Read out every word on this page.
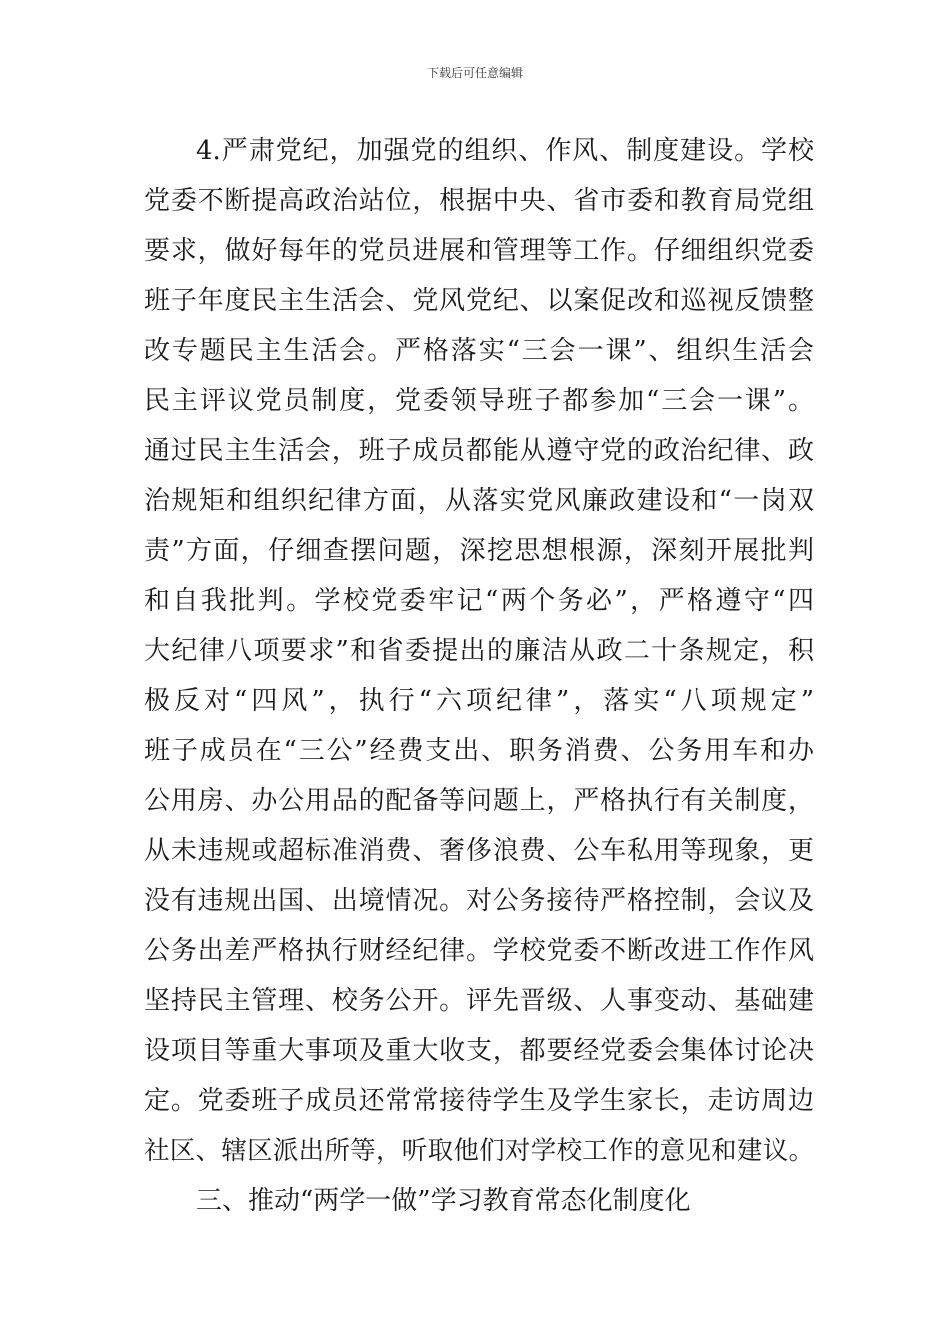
下载后可任意编辑
4.严肃党纪，加强党的组织、作风、制度建设。学校
党委不断提高政治站位，根据中央、省市委和教育局党组
要求，做好每年的党员进展和管理等工作。仔细组织党委
班子年度民主生活会、党风党纪、以案促改和巡视反馈整
改专题民主生活会。严格落实“三会一课”、组织生活会
民主评议党员制度，党委领导班子都参加“三会一课”。
通过民主生活会，班子成员都能从遵守党的政治纪律、政
治规矩和组织纪律方面，从落实党风廉政建设和“一岗双
责”方面，仔细查摆问题，深挖思想根源，深刻开展批判
和自我批判。学校党委牢记“两个务必”，严格遵守“四
大纪律八项要求”和省委提出的廉洁从政二十条规定，积
极反对“四风”，执行“六项纪律”，落实“八项规定”
班子成员在“三公”经费支出、职务消费、公务用车和办
公用房、办公用品的配备等问题上，严格执行有关制度，
从未违规或超标准消费、奢侈浪费、公车私用等现象，更
没有违规出国、出境情况。对公务接待严格控制，会议及
公务出差严格执行财经纪律。学校党委不断改进工作作风
坚持民主管理、校务公开。评先晋级、人事变动、基础建
设项目等重大事项及重大收支，都要经党委会集体讨论决
定。党委班子成员还常常接待学生及学生家长，走访周边
社区、辖区派出所等，听取他们对学校工作的意见和建议。
三、推动“两学一做”学习教育常态化制度化
